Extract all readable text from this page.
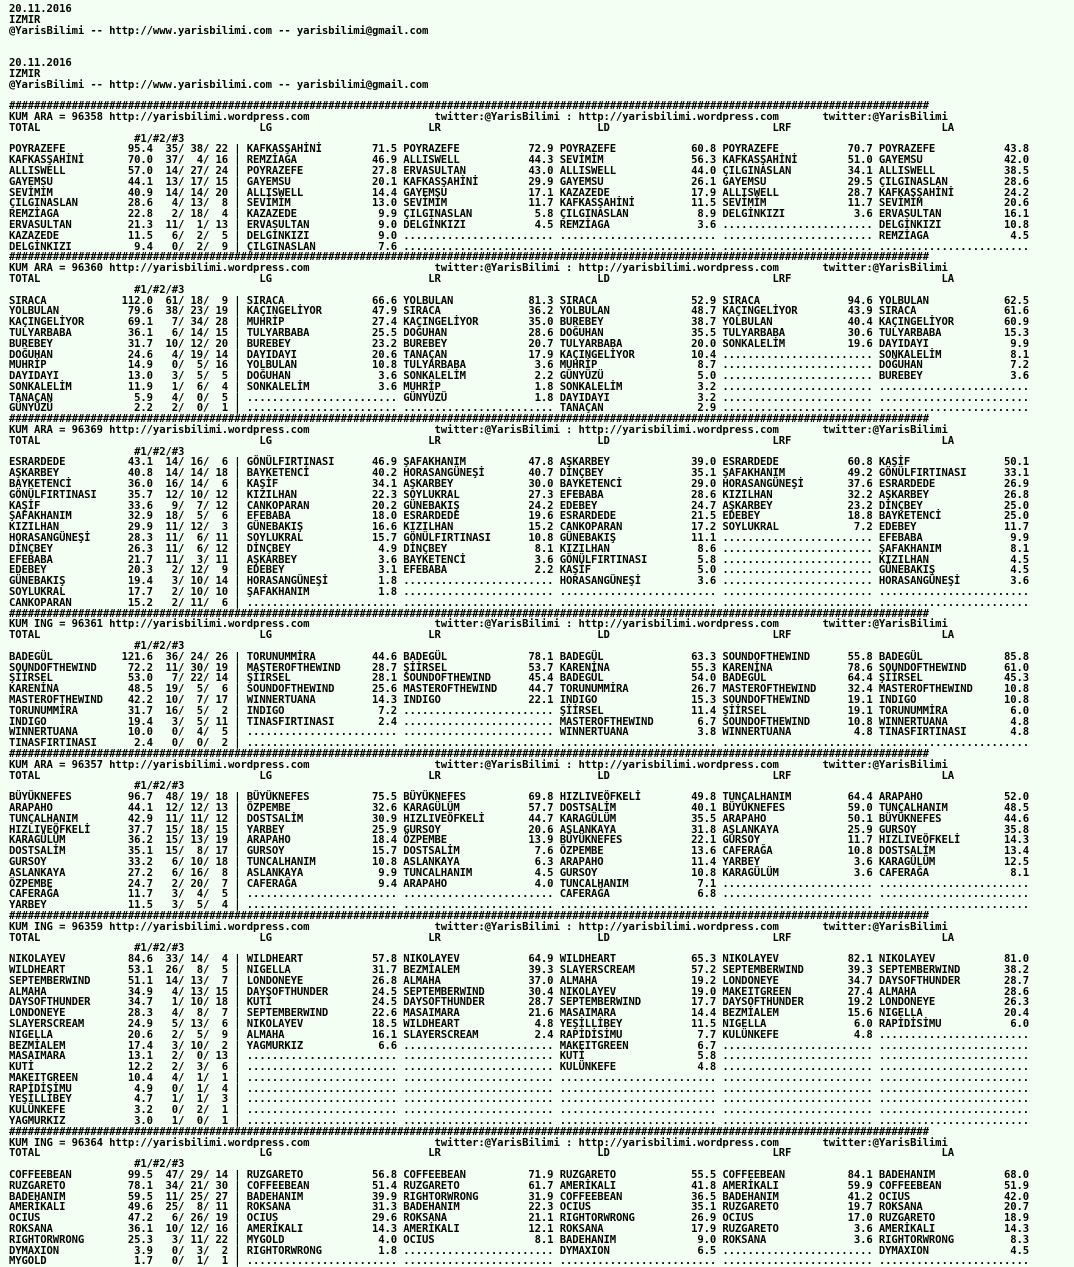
20.11.2016
IZMIR
@YarisBilimi -- http://www.yarisbilimi.com -- yarisbilimi@gmail.com

20.11.2016
IZMIR
@YarisBilimi -- http://www.yarisbilimi.com -- yarisbilimi@gmail.com

###################################################################################################################################################
KUM ARA = 96358 http://yarisbilimi.wordpress.com                    twitter:@YarisBilimi : http://yarisbilimi.wordpress.com       twitter:@YarisBilimi
TOTAL                                   LG                         LR                         LD                          LRF                        LA
#1/#2/#3
POYRAZEFE          95.4  35/ 38/ 22 | KAFKASŞAHİNİ        71.5 POYRAZEFE           72.9 POYRAZEFE            60.8 POYRAZEFE           70.7 POYRAZEFE           43.8
KAFKASŞAHİNİ       70.0  37/  4/ 16 | REMZİAGA            46.9 ALLISWELL           44.3 SEVİMİM              56.3 KAFKASŞAHİNİ        51.0 GAYEMSU             42.0
ALLISWELL          57.0  14/ 27/ 24 | POYRAZEFE           27.8 ERVASULTAN          43.0 ALLISWELL            44.0 ÇILGINASLAN         34.1 ALLISWELL           38.5
GAYEMSU            44.1  13/ 17/ 15 | GAYEMSU             20.1 KAFKASŞAHİNİ        29.9 GAYEMSU              26.1 GAYEMSU             29.5 ÇILGINASLAN         28.6
SEVİMİM            40.9  14/ 14/ 20 | ALLISWELL           14.4 GAYEMSU             17.1 KAZAZEDE             17.9 ALLISWELL           28.7 KAFKASŞAHİNİ        24.2
ÇILGINASLAN        28.6   4/ 13/  8 | SEVİMİM             13.0 SEVİMİM             11.7 KAFKASŞAHİNİ         11.5 SEVİMİM             11.7 SEVİMİM             20.6
REMZİAGA           22.8   2/ 18/  4 | KAZAZEDE             9.9 ÇILGINASLAN          5.8 ÇILGINASLAN           8.9 DELGİNKIZI           3.6 ERVASULTAN          16.1
ERVASULTAN         21.3  11/  1/ 13 | ERVASULTAN           9.0 DELGİNKIZI           4.5 REMZİAGA              3.6 ........................ DELGİNKIZI          10.8
KAZAZEDE           11.5   6/  2/  5 | DELGİNKIZI           9.0 ........................ ......................... ........................ REMZİAGA             4.5
DELGİNKIZI          9.4   0/  2/  9 | ÇILGINASLAN          7.6 ........................ ......................... ........................ ........................
###################################################################################################################################################
KUM ARA = 96360 http://yarisbilimi.wordpress.com                    twitter:@YarisBilimi : http://yarisbilimi.wordpress.com       twitter:@YarisBilimi
TOTAL                                   LG                         LR                         LD                          LRF                        LA
#1/#2/#3
SIRACA            112.0  61/ 18/  9 | SIRACA              66.6 YOLBULAN            81.3 SIRACA               52.9 SIRACA              94.6 YOLBULAN            62.5
YOLBULAN           79.6  38/ 23/ 19 | KAÇINGELİYOR        47.9 SIRACA              36.2 YOLBULAN             48.7 KAÇINGELİYOR        43.9 SIRACA              61.6
KAÇINGELİYOR       69.1   7/ 34/ 28 | MUHRİP              27.4 KAÇINGELİYOR        35.0 BUREBEY              38.7 YOLBULAN            40.4 KAÇINGELİYOR        60.9
TULYARBABA         36.1   6/ 14/ 15 | TULYARBABA          25.5 DOĞUHAN             28.6 DOĞUHAN              35.5 TULYARBABA          30.6 TULYARBABA          15.3
BUREBEY            31.7  10/ 12/ 20 | BUREBEY             23.2 BUREBEY             20.7 TULYARBABA           20.0 SONKALELİM          19.6 DAYIDAYI             9.9
DOĞUHAN            24.6   4/ 19/ 14 | DAYIDAYI            20.6 TANAÇAN             17.9 KAÇINGELİYOR         10.4 ........................ SONKALELİM           8.1
MUHRİP             14.9   0/  5/ 16 | YOLBULAN            10.8 TULYARBABA           3.6 MUHRİP                8.7 ........................ DOĞUHAN              7.2
DAYIDAYI           13.0   3/  5/  5 | DOĞUHAN              3.6 SONKALELİM           2.2 GÜNYÜZÜ               5.0 ........................ BUREBEY              3.6
SONKALELİM         11.9   1/  6/  4 | SONKALELİM           3.6 MUHRİP               1.8 SONKALELİM            3.2 ........................ ........................
TANAÇAN             5.9   4/  0/  5 | ........................ GÜNYÜZÜ              1.8 DAYIDAYI              3.2 ........................ ........................
GÜNYÜZÜ             2.2   2/  0/  1 | ........................ ........................ TANAÇAN               2.9 ........................ ........................
###################################################################################################################################################
KUM ARA = 96369 http://yarisbilimi.wordpress.com                    twitter:@YarisBilimi : http://yarisbilimi.wordpress.com       twitter:@YarisBilimi
TOTAL                                   LG                         LR                         LD                          LRF                        LA
#1/#2/#3
ESRARDEDE          43.1  14/ 16/  6 | GÖNÜLFIRTINASI      46.9 ŞAFAKHANIM          47.8 AŞKARBEY             39.0 ESRARDEDE           60.8 KAŞİF               50.1
AŞKARBEY           40.8  14/ 14/ 18 | BAYKETENCİ          40.2 HORASANGÜNEŞİ       40.7 DİNÇBEY              35.1 ŞAFAKHANIM          49.2 GÖNÜLFIRTINASI      33.1
BAYKETENCİ         36.0  16/ 14/  6 | KAŞİF               34.1 AŞKARBEY            30.0 BAYKETENCİ           29.0 HORASANGÜNEŞİ       37.6 ESRARDEDE           26.9
GÖNÜLFIRTINASI     35.7  12/ 10/ 12 | KIZILHAN            22.3 SOYLUKRAL           27.3 EFEBABA              28.6 KIZILHAN            32.2 AŞKARBEY            26.8
KAŞİF              33.6   9/  7/ 12 | CANKOPARAN          20.2 GÜNEBAKIŞ           24.2 EDEBEY               24.7 AŞKARBEY            23.2 DİNÇBEY             25.0
ŞAFAKHANIM         32.9  18/  5/  6 | EFEBABA             18.0 ESRARDEDE           19.6 ESRARDEDE            21.5 EDEBEY              18.8 BAYKETENCİ          25.0
KIZILHAN           29.9  11/ 12/  3 | GÜNEBAKIŞ           16.6 KIZILHAN            15.2 CANKOPARAN           17.2 SOYLUKRAL            7.2 EDEBEY              11.7
HORASANGÜNEŞİ      28.3  11/  6/ 11 | SOYLUKRAL           15.7 GÖNÜLFIRTINASI      10.8 GÜNEBAKIŞ            11.1 ........................ EFEBABA              9.9
DİNÇBEY            26.3  11/  6/ 12 | DİNÇBEY              4.9 DİNÇBEY              8.1 KIZILHAN              8.6 ........................ ŞAFAKHANIM           8.1
EFEBABA            21.7  11/  3/ 11 | AŞKARBEY             3.6 BAYKETENCİ           3.6 GÖNÜLFIRTINASI        5.8 ........................ KIZILHAN             4.5
EDEBEY             20.3   2/ 12/  9 | EDEBEY               3.1 EFEBABA              2.2 KAŞİF                 5.0 ........................ GÜNEBAKIŞ            4.5
GÜNEBAKIŞ          19.4   3/ 10/ 14 | HORASANGÜNEŞİ        1.8 ........................ HORASANGÜNEŞİ         3.6 ........................ HORASANGÜNEŞİ        3.6
SOYLUKRAL          17.7   2/ 10/ 10 | ŞAFAKHANIM           1.8 ........................ ......................... ........................ ........................
CANKOPARAN         15.2   2/ 11/  6 | ........................ ........................ ......................... ........................ ........................
###################################################################################################################################################
KUM ING = 96361 http://yarisbilimi.wordpress.com                    twitter:@YarisBilimi : http://yarisbilimi.wordpress.com       twitter:@YarisBilimi
TOTAL                                   LG                         LR                         LD                          LRF                        LA
#1/#2/#3
BADEGÜL           121.6  36/ 24/ 26 | TORUNUMMİRA         44.6 BADEGÜL             78.1 BADEGÜL              63.3 SOUNDOFTHEWIND      55.8 BADEGÜL             85.8
SOUNDOFTHEWIND     72.2  11/ 30/ 19 | MASTEROFTHEWIND     28.7 ŞİİRSEL             53.7 KARENİNA             55.3 KARENİNA            78.6 SOUNDOFTHEWIND      61.0
ŞİİRSEL            53.0   7/ 22/ 14 | ŞİİRSEL             28.1 SOUNDOFTHEWIND      45.4 BADEGÜL              54.0 BADEGÜL             64.4 ŞİİRSEL             45.3
KARENİNA           48.5  19/  5/  6 | SOUNDOFTHEWIND      25.6 MASTEROFTHEWIND     44.7 TORUNUMMİRA          26.7 MASTEROFTHEWIND     32.4 MASTEROFTHEWIND     10.8
MASTEROFTHEWIND    42.2  10/  7/ 17 | WINNERTUANA         14.3 INDIGO              22.1 INDIGO               15.3 SOUNDOFTHEWIND      19.1 INDIGO              10.8
TORUNUMMİRA        31.7  16/  5/  2 | INDIGO               7.2 ........................ ŞİİRSEL              11.4 ŞİİRSEL             19.1 TORUNUMMİRA          6.0
INDIGO             19.4   3/  5/ 11 | TINASFIRTINASI       2.4 ........................ MASTEROFTHEWIND       6.7 SOUNDOFTHEWIND      10.8 WINNERTUANA          4.8
WINNERTUANA        10.0   0/  4/  5 | ........................ ........................ WINNERTUANA           3.8 WINNERTUANA          4.8 TINASFIRTINASI       4.8
TINASFIRTINASI      2.4   0/  0/  2 | ........................ ........................ ......................... ........................ ........................
###################################################################################################################################################
KUM ARA = 96357 http://yarisbilimi.wordpress.com                    twitter:@YarisBilimi : http://yarisbilimi.wordpress.com       twitter:@YarisBilimi
TOTAL                                   LG                         LR                         LD                          LRF                        LA
#1/#2/#3
BÜYÜKNEFES         96.7  48/ 19/ 18 | BÜYÜKNEFES          75.5 BÜYÜKNEFES          69.8 HIZLIVEÖFKELİ        49.8 TUNÇALHANIM         64.4 ARAPAHO             52.0
ARAPAHO            44.1  12/ 12/ 13 | ÖZPEMBE             32.6 KARAGÜLÜM           57.7 DOSTSALİM            40.1 BÜYÜKNEFES          59.0 TUNÇALHANIM         48.5
TUNÇALHANIM        42.9  11/ 11/ 12 | DOSTSALİM           30.9 HIZLIVEÖFKELİ       44.7 KARAGÜLÜM            35.5 ARAPAHO             50.1 BÜYÜKNEFES          44.6
HIZLIVEÖFKELİ      37.7  15/ 18/ 15 | YARBEY              25.9 GURSOY              20.6 ASLANKAYA            31.8 AŞLANKAYA           25.9 GURSOY              35.8
KARAGÜLÜM          36.2  15/ 13/ 19 | ARAPAHO             18.4 ÖZPEMBE             13.9 BÜYÜKNEFES           22.1 GURSOY              11.7 HIZLIVEÖFKELİ       14.3
DOSTSALİM          35.1  15/  8/ 17 | GURSOY              15.7 DOSTSALİM            7.6 ÖZPEMBE              13.6 CAFERAĞA            10.8 DOSTSALİM           13.4
GURSOY             33.2   6/ 10/ 18 | TUNCALHANIM         10.8 ASLANKAYA            6.3 ARAPAHO              11.4 YARBEY               3.6 KARAGÜLÜM           12.5
ASLANKAYA          27.2   6/ 16/  8 | ASLANKAYA            9.9 TUNCALHANIM          4.5 GURSOY               10.8 KARAGÜLÜM            3.6 CAFERAĞA             8.1
ÖZPEMBE            24.7   2/ 20/  7 | CAFERAĞA             9.4 ARAPAHO              4.0 TUNCALHANIM           7.1 ........................ ........................
CAFERAĞA           11.7   3/  4/  5 | ........................ ........................ CAFERAĞA              6.8 ........................ ........................
YARBEY             11.5   3/  5/  4 | ........................ ........................ ......................... ........................ ........................
###################################################################################################################################################
KUM ING = 96359 http://yarisbilimi.wordpress.com                    twitter:@YarisBilimi : http://yarisbilimi.wordpress.com       twitter:@YarisBilimi
TOTAL                                   LG                         LR                         LD                          LRF                        LA
#1/#2/#3
NIKOLAYEV          84.6  33/ 14/  4 | WILDHEART           57.8 NIKOLAYEV           64.9 WILDHEART            65.3 NIKOLAYEV           82.1 NIKOLAYEV           81.0
WILDHEART          53.1  26/  8/  5 | NIGELLA             31.7 BEZMİALEM           39.3 SLAYERSCREAM         57.2 SEPTEMBERWIND       39.3 SEPTEMBERWIND       38.2
SEPTEMBERWIND      51.1  14/ 13/  7 | LONDONEYE           26.8 ALMAHA              37.0 ALMAHA               19.2 LONDONEYE           34.7 DAYSOFTHUNDER       28.7
ALMAHA             34.9   4/ 13/ 15 | DAYSOFTHUNDER       24.5 SEPTEMBERWIND       30.4 NIKOLAYEV            19.0 MAKEITGREEN         27.4 ALMAHA              28.6
DAYSOFTHUNDER      34.7   1/ 10/ 18 | KUTİ                24.5 DAYSOFTHUNDER       28.7 SEPTEMBERWIND        17.7 DAYSOFTHUNDER       19.2 LONDONEYE           26.3
LONDONEYE          28.3   4/  8/  7 | SEPTEMBERWIND       22.6 MASAIMARA           21.6 MASAIMARA            14.4 BEZMİALEM           15.6 NIGELLA             20.4
SLAYERSCREAM       24.9   5/ 13/  6 | NIKOLAYEV           18.5 WILDHEART            4.8 YEŞİLLİBEY           11.5 NIGELLA              6.0 RAPİDİSİMU           6.0
NIGELLA            20.6   2/  5/  9 | ALMAHA              16.1 SLAYERSCREAM         2.4 RAPİDİSİMU            7.7 KULÜNKEFE            4.8 ........................
BEZMİALEM          17.4   3/ 10/  2 | YAGMURKIZ            6.6 ........................ MAKEITGREEN           6.7 ........................ ........................
MASAIMARA          13.1   2/  0/ 13 | ........................ ........................ KUTİ                  5.8 ........................ ........................
KUTİ               12.2   2/  3/  6 | ........................ ........................ KULÜNKEFE             4.8 ........................ ........................
MAKEITGREEN        10.4   4/  1/  1 | ........................ ........................ ......................... ........................ ........................
RAPİDİSİMU          4.9   0/  1/  4 | ........................ ........................ ......................... ........................ ........................
YEŞİLLİBEY          4.7   1/  1/  3 | ........................ ........................ ......................... ........................ ........................
KULÜNKEFE           3.2   0/  2/  1 | ........................ ........................ ......................... ........................ ........................
YAGMURKIZ           3.0   1/  0/  1 | ........................ ........................ ......................... ........................ ........................
###################################################################################################################################################
KUM ING = 96364 http://yarisbilimi.wordpress.com                    twitter:@YarisBilimi : http://yarisbilimi.wordpress.com       twitter:@YarisBilimi
TOTAL                                   LG                         LR                         LD                          LRF                        LA
#1/#2/#3
COFFEEBEAN         99.5  47/ 29/ 14 | RUZGARETO           56.8 COFFEEBEAN          71.9 RUZGARETO            55.5 COFFEEBEAN          84.1 BADEHANIM           68.0
RUZGARETO          78.1  34/ 21/ 30 | COFFEEBEAN          51.4 RUZGARETO           61.7 AMERİKALI            41.8 AMERİKALI           59.9 COFFEEBEAN          51.9
BADEHANIM          59.5  11/ 25/ 27 | BADEHANIM           39.9 RIGHTORWRONG        31.9 COFFEEBEAN           36.5 BADEHANIM           41.2 OCIUS               42.0
AMERİKALI          49.6  25/  8/ 11 | ROKSANA             31.3 BADEHANIM           22.3 OCIUS                35.1 RUZGARETO           19.7 ROKSANA             20.7
OCIUS              47.2   6/ 26/ 19 | OCIUS               29.6 ROKSANA             21.1 RIGHTORWRONG         26.9 OCIUS               17.0 RUZGARETO           18.9
ROKSANA            36.1  10/ 12/ 16 | AMERİKALI           14.3 AMERİKALI           12.1 ROKSANA              17.9 RUZGARETO            3.6 AMERİKALI           14.3
RIGHTORWRONG       25.3   3/ 11/ 22 | MYGOLD               4.0 OCIUS                8.1 BADEHANIM             9.0 ROKSANA              3.6 RIGHTORWRONG         8.3
DYMAXION            3.9   0/  3/  2 | RIGHTORWRONG         1.8 ........................ DYMAXION              6.5 ........................ DYMAXION             4.5
MYGOLD              1.7   0/  1/  1 | ........................ ........................ ......................... ........................ ........................
